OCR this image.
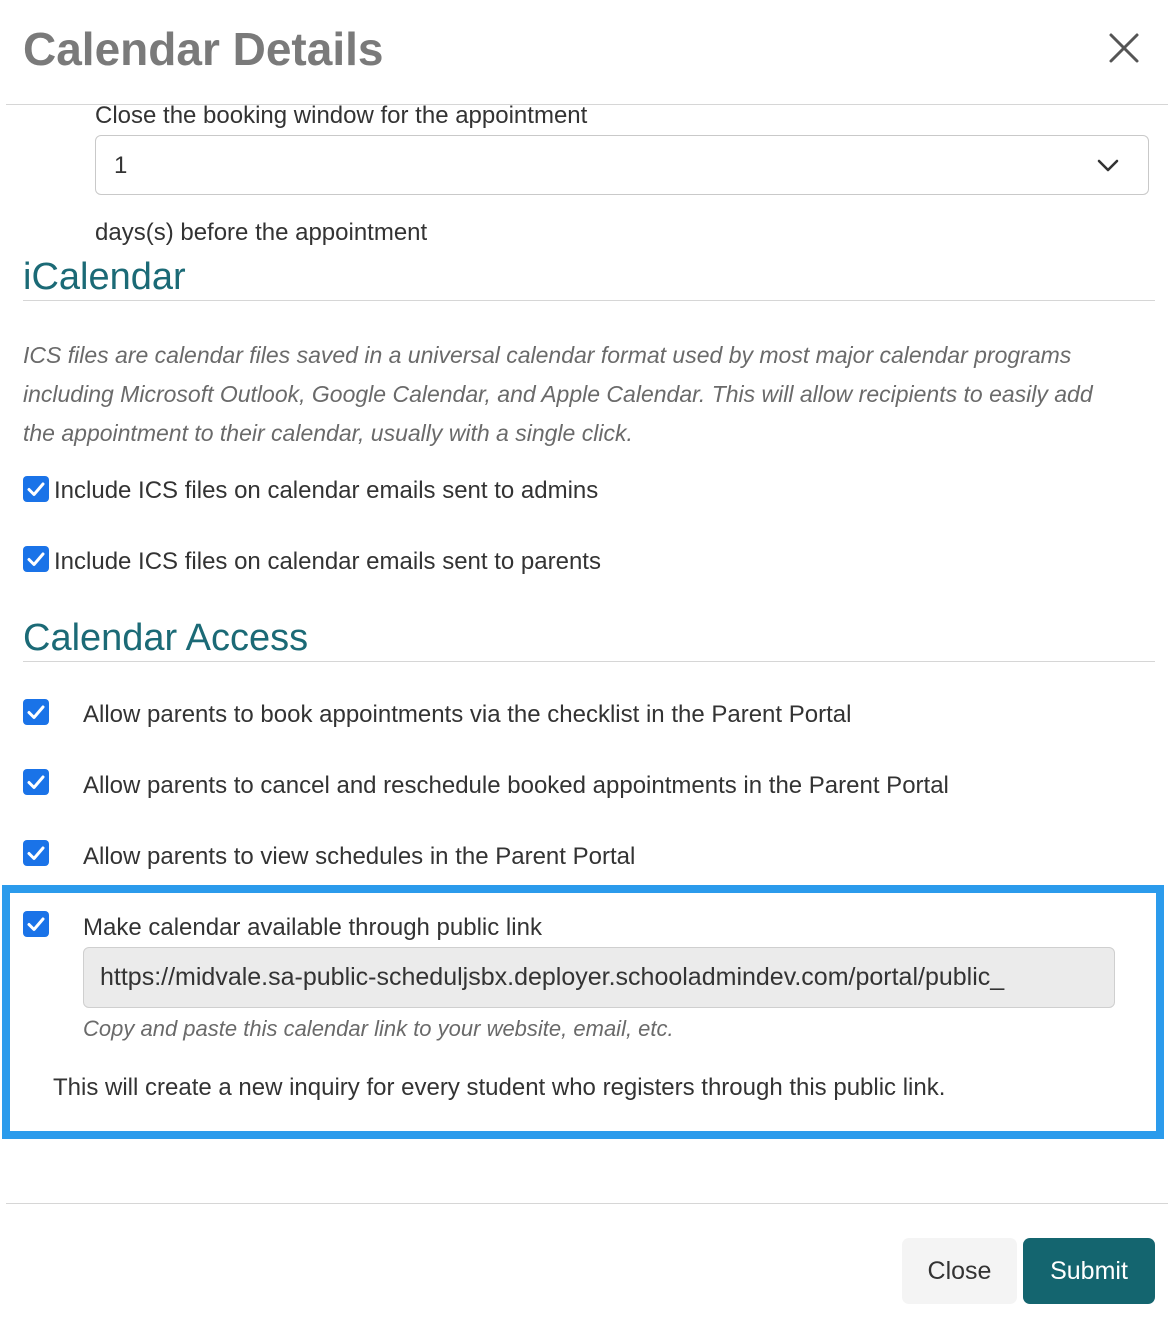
Calendar Details
Close the booking window for the appointment
1
days(s) before the appointment
iCalendar
ICS files are calendar files saved in a universal calendar format used by most major calendar programs
including Microsoft Outlook, Google Calendar, and Apple Calendar. This will allow recipients to easily add
the appointment to their calendar, usually with a single click.
Include ICS files on calendar emails sent to admins
Include ICS files on calendar emails sent to parents
Calendar Access
Allow parents to book appointments via the checklist in the Parent Portal
Allow parents to cancel and reschedule booked appointments in the Parent Portal
Allow parents to view schedules in the Parent Portal
Make calendar available through public link
https://midvale.sa-public-scheduljsbx.deployer.schooladmindev.com/portal/public_
Copy and paste this calendar link to your website, email, etc.
This will create a new inquiry for every student who registers through this public link.
Close	Submit
